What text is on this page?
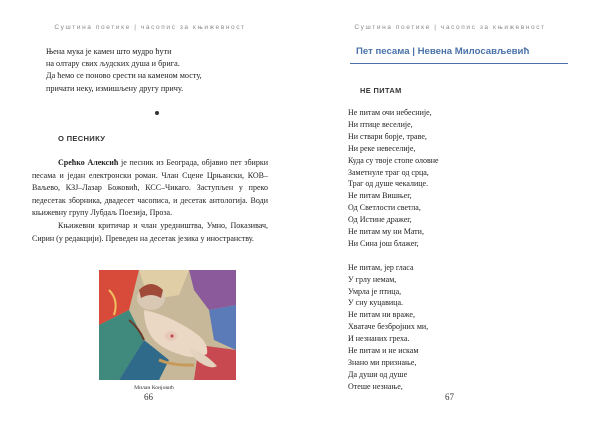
Суштина поетике | часопис за књижевност
Њена мука је камен што мудро ћути
на олтару свих људских душа и брига.
Да ћемо се поново срести на каменом мосту,
причати неку, измишљену другу причу.
О ПЕСНИКУ

Срећко Алексић је песник из Београда, објавио пет збирки песама и један електронски роман. Члан Сцене Црњански, КОВ–Ваљево, КЗЈ–Лазар Божовић, КСС–Чикаго. Заступљен у преко педесетак зборника, двадесет часописа, и десетак антологија. Води књижевну групу Лубдаљ Поезија, Проза.

Књижевни критичар и члан уредништва, Умно, Показивач, Сирин (у редакцији). Преведен на десетак језика у иностранству.

Милан Конјовић
66
Суштина поетике | часопис за књижевност
Пет песама | Невена Милосављевић
НЕ ПИТАМ
Не питам очи небесније,
Ни птице веселије,
Ни ствари борје, траве,
Ни реке невеселије,
Куда су твоје стопе оловне
Заметнуле траг од срца,
Траг од душе чекалице.
Не питам Вишњег,
Од Светлости светла,
Од Истине дражег,
Не питам му ни Мати,
Ни Сина још блажег,
Не питам, јер гласа
У грлу немам,
Умрла је птица,
У сну куцавица.
Не питам ни враже,
Хватаче безбројних ми,
И незнаних греха.
Не питам и не искам
Знано ми признање,
Да души од душе
Отеше незнање,
67
